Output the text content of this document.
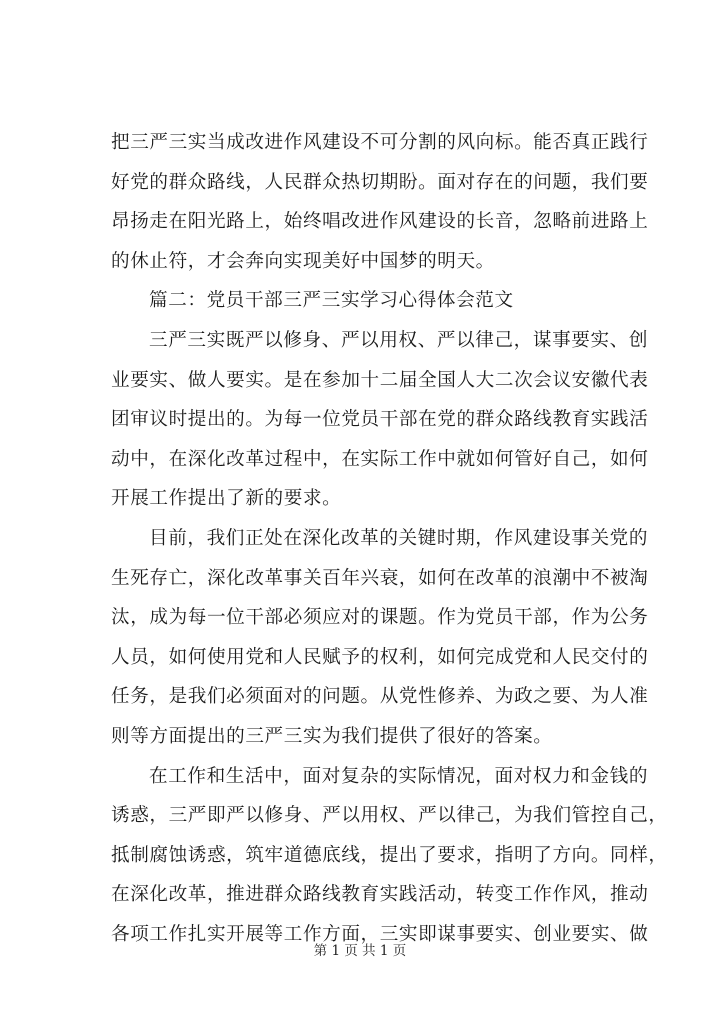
把三严三实当成改进作风建设不可分割的风向标。能否真正践行
好党的群众路线，人民群众热切期盼。面对存在的问题，我们要
昂扬走在阳光路上，始终唱改进作风建设的长音，忽略前进路上
的休止符，才会奔向实现美好中国梦的明天。

篇二：党员干部三严三实学习心得体会范文

三严三实既严以修身、严以用权、严以律己，谋事要实、创
业要实、做人要实。是在参加十二届全国人大二次会议安徽代表
团审议时提出的。为每一位党员干部在党的群众路线教育实践活
动中，在深化改革过程中，在实际工作中就如何管好自己，如何
开展工作提出了新的要求。

目前，我们正处在深化改革的关键时期，作风建设事关党的
生死存亡，深化改革事关百年兴衰，如何在改革的浪潮中不被淘
汰，成为每一位干部必须应对的课题。作为党员干部，作为公务
人员，如何使用党和人民赋予的权利，如何完成党和人民交付的
任务，是我们必须面对的问题。从党性修养、为政之要、为人准
则等方面提出的三严三实为我们提供了很好的答案。

在工作和生活中，面对复杂的实际情况，面对权力和金钱的
诱惑，三严即严以修身、严以用权、严以律己，为我们管控自己，
抵制腐蚀诱惑，筑牢道德底线，提出了要求，指明了方向。同样，
在深化改革，推进群众路线教育实践活动，转变工作作风，推动
各项工作扎实开展等工作方面，三实即谋事要实、创业要实、做

第 1 页 共 1 页
